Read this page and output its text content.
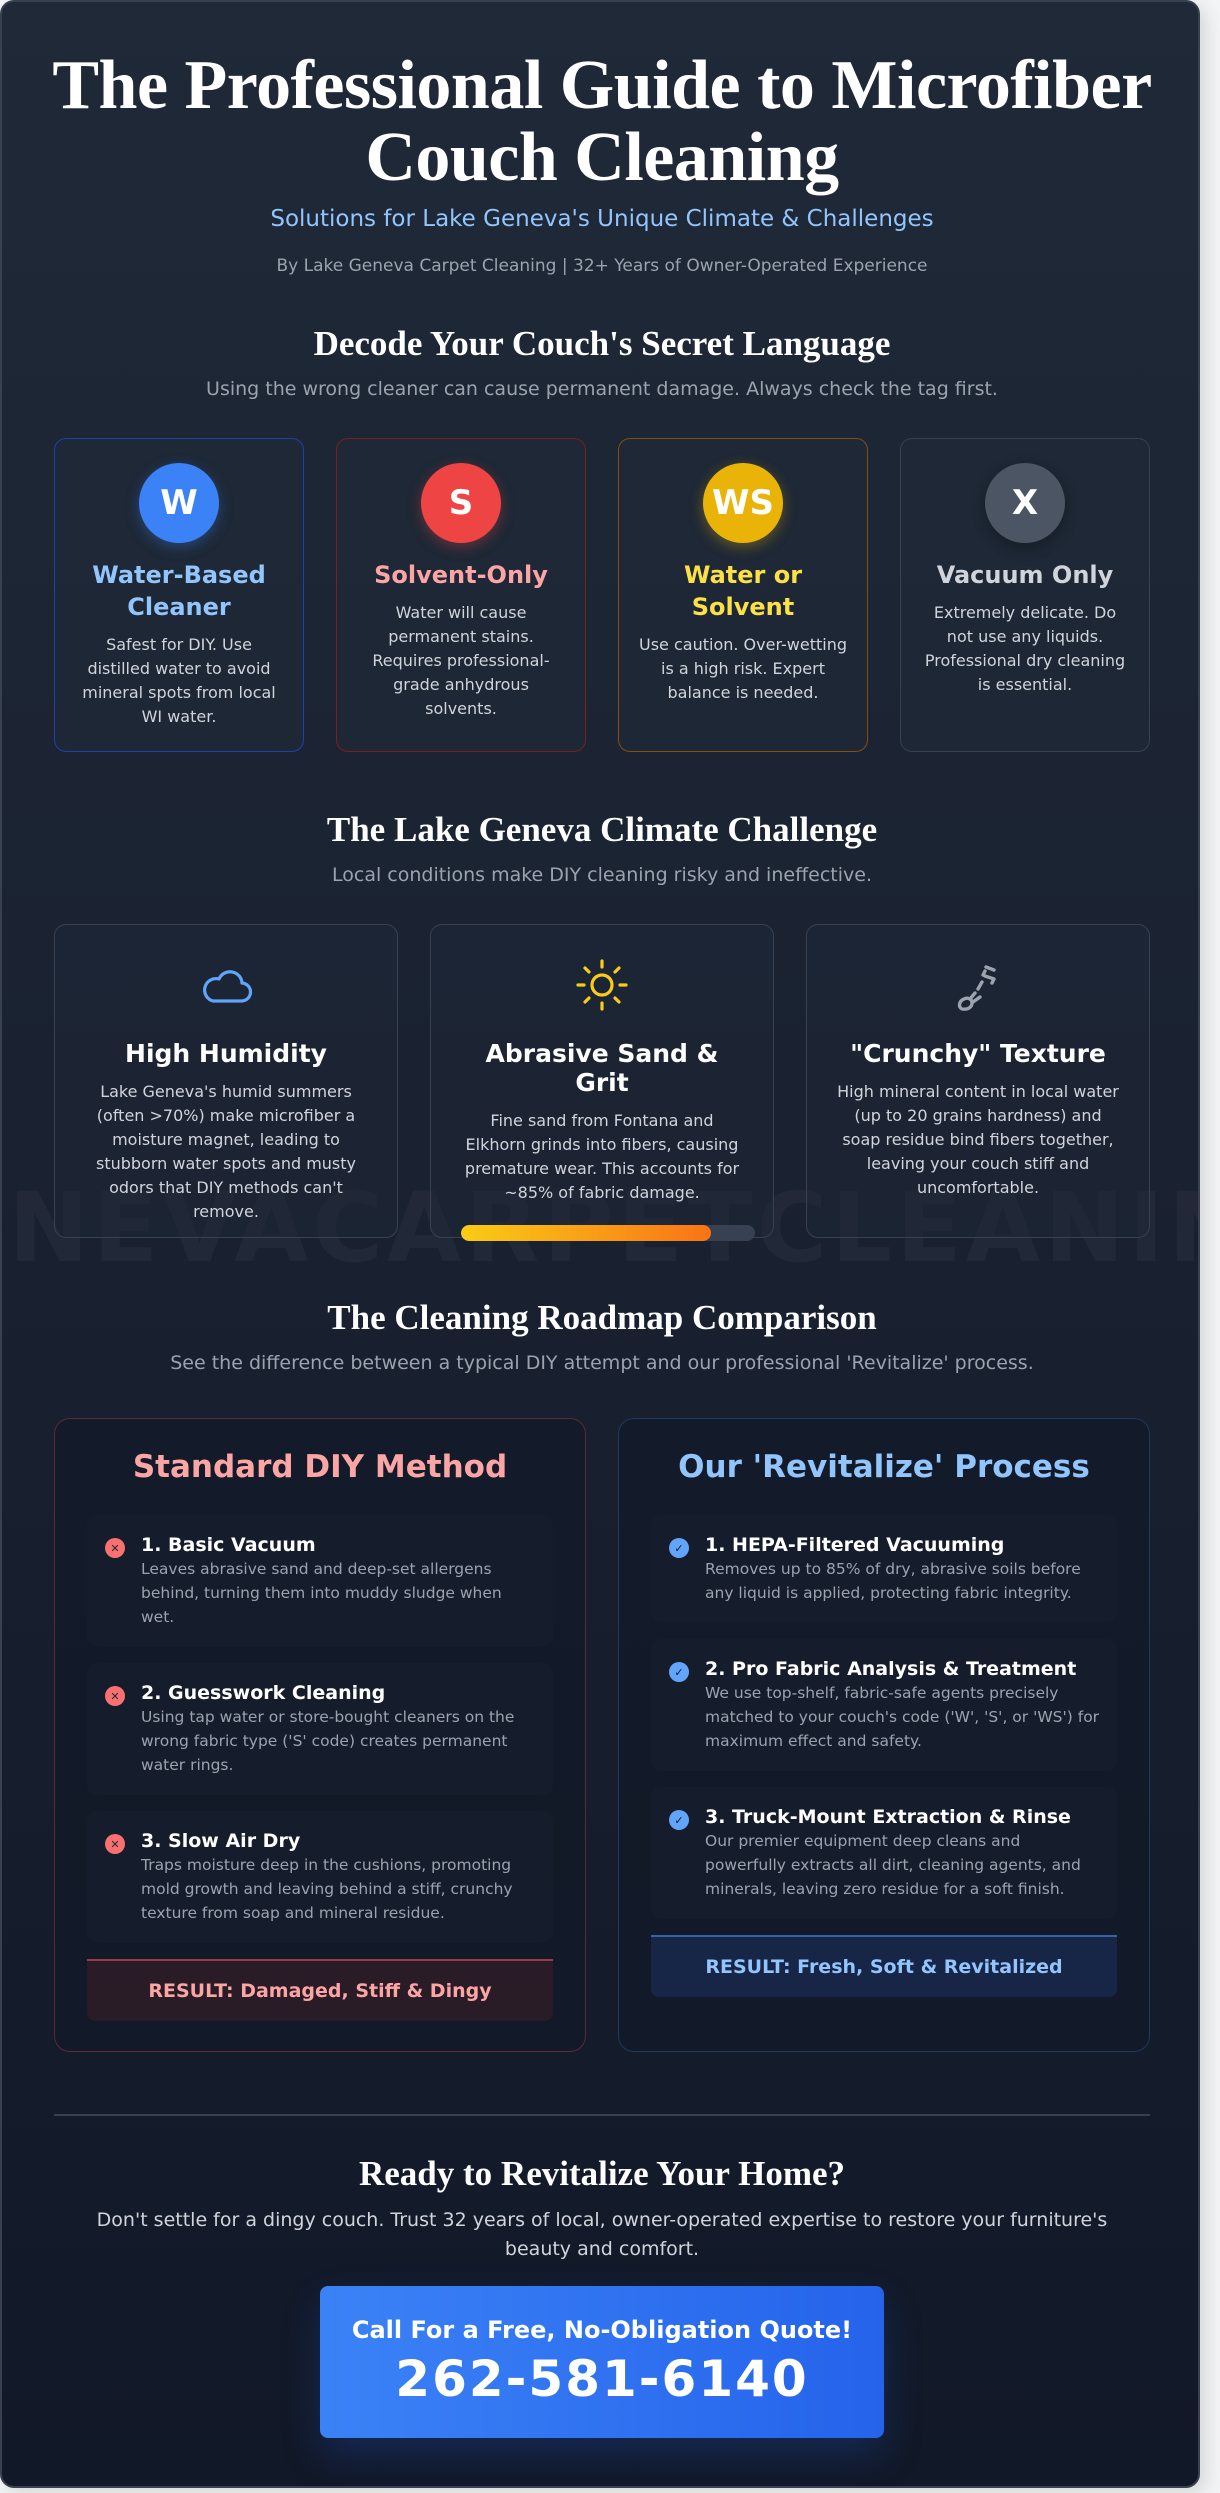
The Professional Guide to Microfiber Couch Cleaning
Solutions for Lake Geneva's Unique Climate & Challenges
By Lake Geneva Carpet Cleaning | 32+ Years of Owner-Operated Experience
Decode Your Couch's Secret Language
Using the wrong cleaner can cause permanent damage. Always check the tag first.
W
Water-Based Cleaner
Safest for DIY. Use distilled water to avoid mineral spots from local WI water.
S
Solvent-Only
Water will cause permanent stains. Requires professional-grade anhydrous solvents.
WS
Water or Solvent
Use caution. Over-wetting is a high risk. Expert balance is needed.
X
Vacuum Only
Extremely delicate. Do not use any liquids. Professional dry cleaning is essential.
The Lake Geneva Climate Challenge
Local conditions make DIY cleaning risky and ineffective.
High Humidity
Lake Geneva's humid summers (often >70%) make microfiber a moisture magnet, leading to stubborn water spots and musty odors that DIY methods can't remove.
Abrasive Sand & Grit
Fine sand from Fontana and Elkhorn grinds into fibers, causing premature wear. This accounts for ~85% of fabric damage.
"Crunchy" Texture
High mineral content in local water (up to 20 grains hardness) and soap residue bind fibers together, leaving your couch stiff and uncomfortable.
The Cleaning Roadmap Comparison
See the difference between a typical DIY attempt and our professional 'Revitalize' process.
Standard DIY Method
✕ 1. Basic Vacuum
Leaves abrasive sand and deep-set allergens behind, turning them into muddy sludge when wet.
✕ 2. Guesswork Cleaning
Using tap water or store-bought cleaners on the wrong fabric type ('S' code) creates permanent water rings.
✕ 3. Slow Air Dry
Traps moisture deep in the cushions, promoting mold growth and leaving behind a stiff, crunchy texture from soap and mineral residue.
RESULT: Damaged, Stiff & Dingy
Our 'Revitalize' Process
✓ 1. HEPA-Filtered Vacuuming
Removes up to 85% of dry, abrasive soils before any liquid is applied, protecting fabric integrity.
✓ 2. Pro Fabric Analysis & Treatment
We use top-shelf, fabric-safe agents precisely matched to your couch's code ('W', 'S', or 'WS') for maximum effect and safety.
✓ 3. Truck-Mount Extraction & Rinse
Our premier equipment deep cleans and powerfully extracts all dirt, cleaning agents, and minerals, leaving zero residue for a soft finish.
RESULT: Fresh, Soft & Revitalized
Ready to Revitalize Your Home?
Don't settle for a dingy couch. Trust 32 years of local, owner-operated expertise to restore your furniture's beauty and comfort.
Call For a Free, No-Obligation Quote!
262-581-6140
